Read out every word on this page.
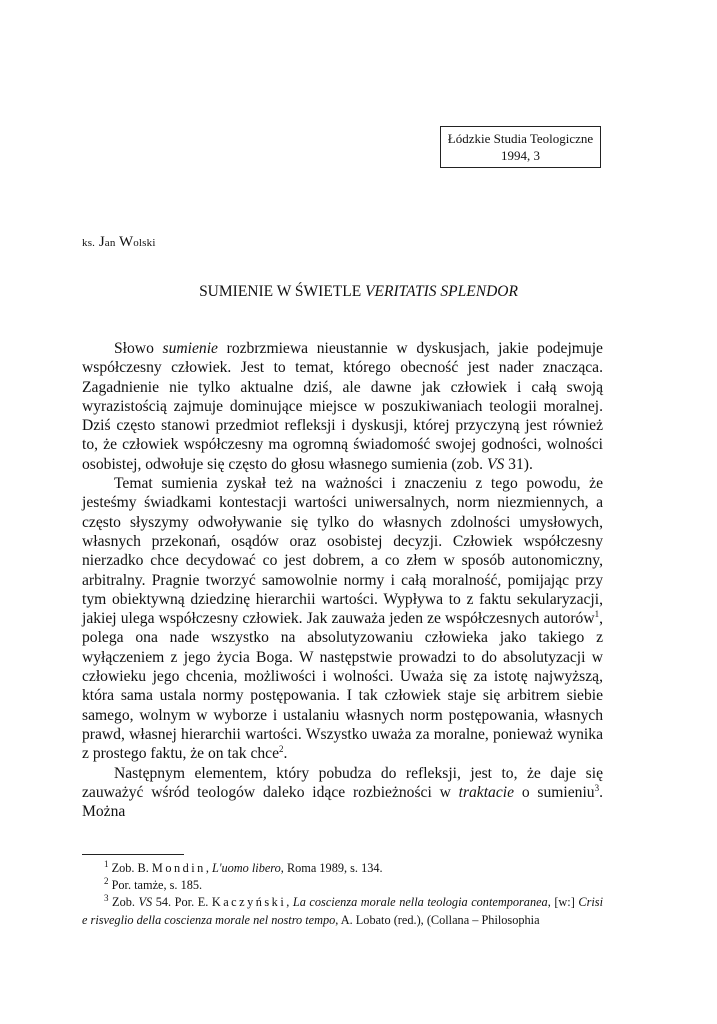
Łódzkie Studia Teologiczne
1994, 3
ks. Jan Wolski
SUMIENIE W ŚWIETLE VERITATIS SPLENDOR

Słowo sumienie rozbrzmiewa nieustannie w dyskusjach, jakie podejmuje współczesny człowiek. Jest to temat, którego obecność jest nader znacząca. Zagadnienie nie tylko aktualne dziś, ale dawne jak człowiek i całą swoją wyrazistością zajmuje dominujące miejsce w poszukiwaniach teologii moralnej. Dziś często stanowi przedmiot refleksji i dyskusji, której przyczyną jest również to, że człowiek współczesny ma ogromną świadomość swojej godności, wolności osobistej, odwołuje się często do głosu własnego sumienia (zob. VS 31).

Temat sumienia zyskał też na ważności i znaczeniu z tego powodu, że jesteśmy świadkami kontestacji wartości uniwersalnych, norm niezmiennych, a często słyszymy odwoływanie się tylko do własnych zdolności umysłowych, własnych przekonań, osądów oraz osobistej decyzji. Człowiek współczesny nierzadko chce decydować co jest dobrem, a co złem w sposób autonomiczny, arbitralny. Pragnie tworzyć samowolnie normy i całą moralność, pomijając przy tym obiektywną dziedzinę hierarchii wartości. Wypływa to z faktu sekularyzacji, jakiej ulega współczesny człowiek. Jak zauważa jeden ze współczesnych autorów$^1$, polega ona nade wszystko na absolutyzowaniu człowieka jako takiego z wyłączeniem z jego życia Boga. W następstwie prowadzi to do absolutyzacji w człowieku jego chcenia, możliwości i wolności. Uważa się za istotę najwyższą, która sama ustala normy postępowania. I tak człowiek staje się arbitrem siebie samego, wolnym w wyborze i ustalaniu własnych norm postępowania, własnych prawd, własnej hierarchii wartości. Wszystko uważa za moralne, ponieważ wynika z prostego faktu, że on tak chce$^2$.

Następnym elementem, który pobudza do refleksji, jest to, że daje się zauważyć wśród teologów daleko idące rozbieżności w traktacie o sumieniu$^3$. Można

$^1$ Zob. B. Mondin, L'uomo libero, Roma 1989, s. 134.
$^2$ Por. tamże, s. 185.
$^3$ Zob. VS 54. Por. E. Kaczyński, La coscienza morale nella teologia contemporanea, [w:] Crisi e risveglio della coscienza morale nel nostro tempo, A. Lobato (red.), (Collana – Philosophia
